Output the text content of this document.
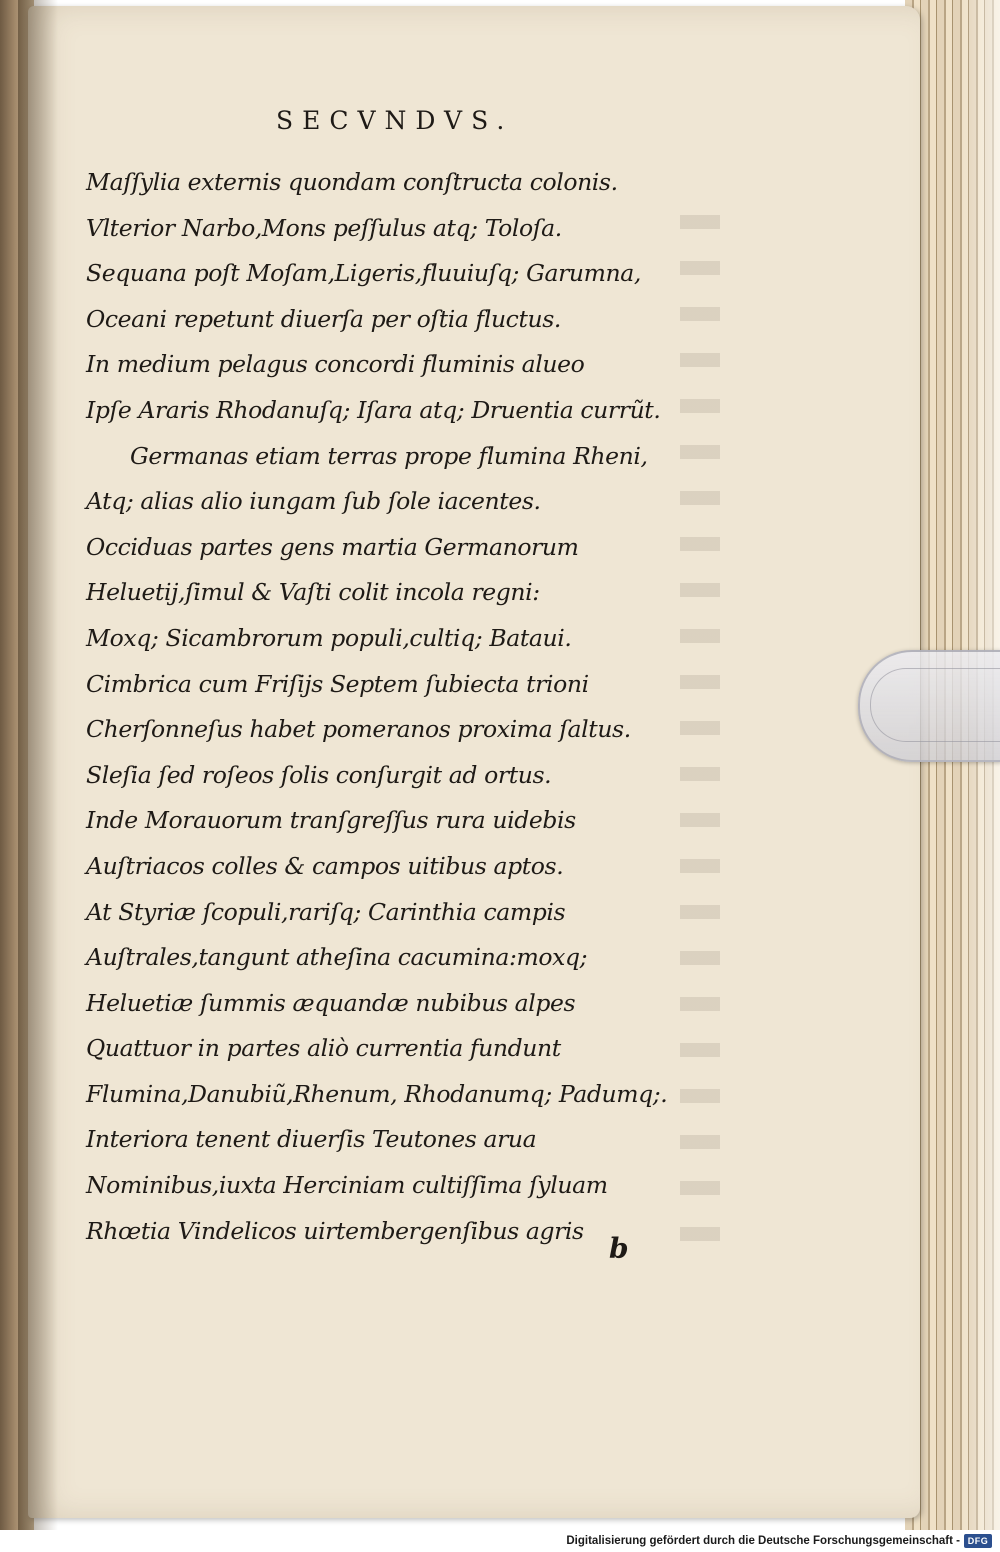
SECVNDVS.
Maſſylia externis quondam conſtructa colonis.
Vlterior Narbo,Mons peſſulus atq; Toloſa.
Sequana poſt Moſam,Ligeris,fluuiuſq; Garumna,
Oceani repetunt diuerſa per oſtia fluctus.
In medium pelagus concordi fluminis alueo
Ipſe Araris Rhodanuſq; Iſara atq; Druentia currũt.
Germanas etiam terras prope flumina Rheni,
Atq; alias alio iungam ſub ſole iacentes.
Occiduas partes gens martia Germanorum
Heluetij,ſimul & Vaſti colit incola regni:
Moxq; Sicambrorum populi,cultiq; Bataui.
Cimbrica cum Friſijs Septem ſubiecta trioni
Cherſonneſus habet pomeranos proxima ſaltus.
Sleſia ſed roſeos ſolis conſurgit ad ortus.
Inde Morauorum tranſgreſſus rura uidebis
Auſtriacos colles & campos uitibus aptos.
At Styriæ ſcopuli,rariſq; Carinthia campis
Auſtrales,tangunt atheſina cacumina:moxq;
Heluetiæ ſummis æquandæ nubibus alpes
Quattuor in partes aliò currentia fundunt
Flumina,Danubiũ,Rhenum, Rhodanumq; Padumq;.
Interiora tenent diuerſis Teutones arua
Nominibus,iuxta Herciniam cultiſſima ſyluam
Rhœtia Vindelicos uirtembergenſibus agris
b
Digitalisierung gefördert durch die Deutsche Forschungsgemeinschaft - DFG
